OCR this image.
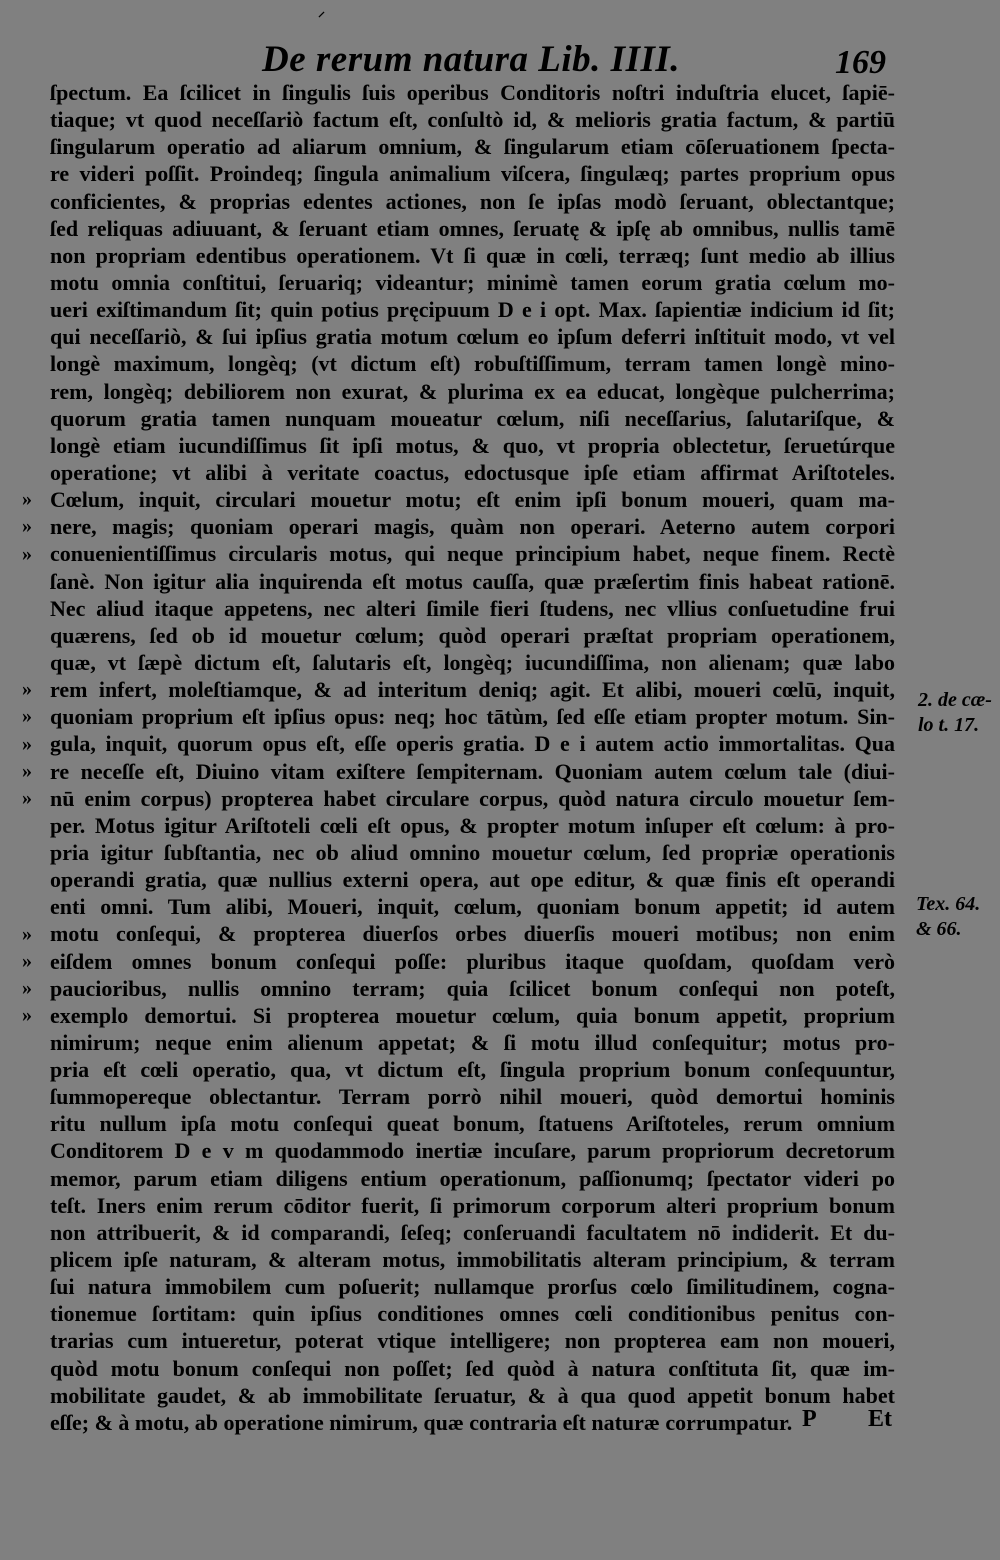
⸝
De rerum natura Lib. IIII.	169
»
»
»
»
»
»
»
»
»
»
»
»
ſpectum. Ea ſcilicet in ſingulis ſuis operibus Conditoris noſtri induſtria elucet, ſapiē-
tiaque; vt quod neceſſariò factum eſt, conſultò id, & melioris gratia factum, & partiū
ſingularum operatio ad aliarum omnium, & ſingularum etiam cōſeruationem ſpecta-
re videri poſſit. Proindeq; ſingula animalium viſcera, ſingulæq; partes proprium opus
conficientes, & proprias edentes actiones, non ſe ipſas modò ſeruant, oblectantque;
ſed reliquas adiuuant, & ſeruant etiam omnes, ſeruatę & ipſę ab omnibus, nullis tamē
non propriam edentibus operationem. Vt ſi quæ in cœli, terræq; ſunt medio ab illius
motu omnia conſtitui, ſeruariq; videantur; minimè tamen eorum gratia cœlum mo-
ueri exiſtimandum ſit; quin potius pręcipuum D e i opt. Max. ſapientiæ indicium id ſit;
qui neceſſariò, & ſui ipſius gratia motum cœlum eo ipſum deferri inſtituit modo, vt vel
longè maximum, longèq; (vt dictum eſt) robuſtiſſimum, terram tamen longè mino-
rem, longèq; debiliorem non exurat, & plurima ex ea educat, longèque pulcherrima;
quorum gratia tamen nunquam moueatur cœlum, niſi neceſſarius, ſalutariſque, &
longè etiam iucundiſſimus ſit ipſi motus, & quo, vt propria oblectetur, ſeruetúrque
operatione; vt alibi à veritate coactus, edoctusque ipſe etiam affirmat Ariſtoteles.
Cœlum, inquit, circulari mouetur motu; eſt enim ipſi bonum moueri, quam ma-
nere, magis; quoniam operari magis, quàm non operari. Aeterno autem corpori
conuenientiſſimus circularis motus, qui neque principium habet, neque finem. Rectè
ſanè. Non igitur alia inquirenda eſt motus cauſſa, quæ præſertim finis habeat rationē.
Nec aliud itaque appetens, nec alteri ſimile fieri ſtudens, nec vllius conſuetudine frui
quærens, ſed ob id mouetur cœlum; quòd operari præſtat propriam operationem,
quæ, vt ſæpè dictum eſt, ſalutaris eſt, longèq; iucundiſſima, non alienam; quæ labo
rem infert, moleſtiamque, & ad interitum deniq; agit. Et alibi, moueri cœlū, inquit,
quoniam proprium eſt ipſius opus: neq; hoc tātùm, ſed eſſe etiam propter motum. Sin-
gula, inquit, quorum opus eſt, eſſe operis gratia. D e i autem actio immortalitas. Qua
re neceſſe eſt, Diuino vitam exiſtere ſempiternam. Quoniam autem cœlum tale (diui-
nū enim corpus) propterea habet circulare corpus, quòd natura circulo mouetur ſem-
per. Motus igitur Ariſtoteli cœli eſt opus, & propter motum inſuper eſt cœlum: à pro-
pria igitur ſubſtantia, nec ob aliud omnino mouetur cœlum, ſed propriæ operationis
operandi gratia, quæ nullius externi opera, aut ope editur, & quæ finis eſt operandi
enti omni. Tum alibi, Moueri, inquit, cœlum, quoniam bonum appetit; id autem
motu conſequi, & propterea diuerſos orbes diuerſis moueri motibus; non enim
eiſdem omnes bonum conſequi poſſe: pluribus itaque quoſdam, quoſdam verò
paucioribus, nullis omnino terram; quia ſcilicet bonum conſequi non poteſt,
exemplo demortui. Si propterea mouetur cœlum, quia bonum appetit, proprium
nimirum; neque enim alienum appetat; & ſi motu illud conſequitur; motus pro-
pria eſt cœli operatio, qua, vt dictum eſt, ſingula proprium bonum conſequuntur,
ſummopereque oblectantur. Terram porrò nihil moueri, quòd demortui hominis
ritu nullum ipſa motu conſequi queat bonum, ſtatuens Ariſtoteles, rerum omnium
Conditorem D e v m quodammodo inertiæ incuſare, parum propriorum decretorum
memor, parum etiam diligens entium operationum, paſſionumq; ſpectator videri po
teſt. Iners enim rerum cōditor fuerit, ſi primorum corporum alteri proprium bonum
non attribuerit, & id comparandi, ſeſeq; conſeruandi facultatem nō indiderit. Et du-
plicem ipſe naturam, & alteram motus, immobilitatis alteram principium, & terram
ſui natura immobilem cum poſuerit; nullamque prorſus cœlo ſimilitudinem, cogna-
tionemue ſortitam: quin ipſius conditiones omnes cœli conditionibus penitus con-
trarias cum intueretur, poterat vtique intelligere; non propterea eam non moueri,
quòd motu bonum conſequi non poſſet; ſed quòd à natura conſtituta ſit, quæ im-
mobilitate gaudet, & ab immobilitate ſeruatur, & à qua quod appetit bonum habet
eſſe; & à motu, ab operatione nimirum, quæ contraria eſt naturæ corrumpatur.
2. de cæ-
lo t. 17.
Tex. 64.
& 66.
P Et
